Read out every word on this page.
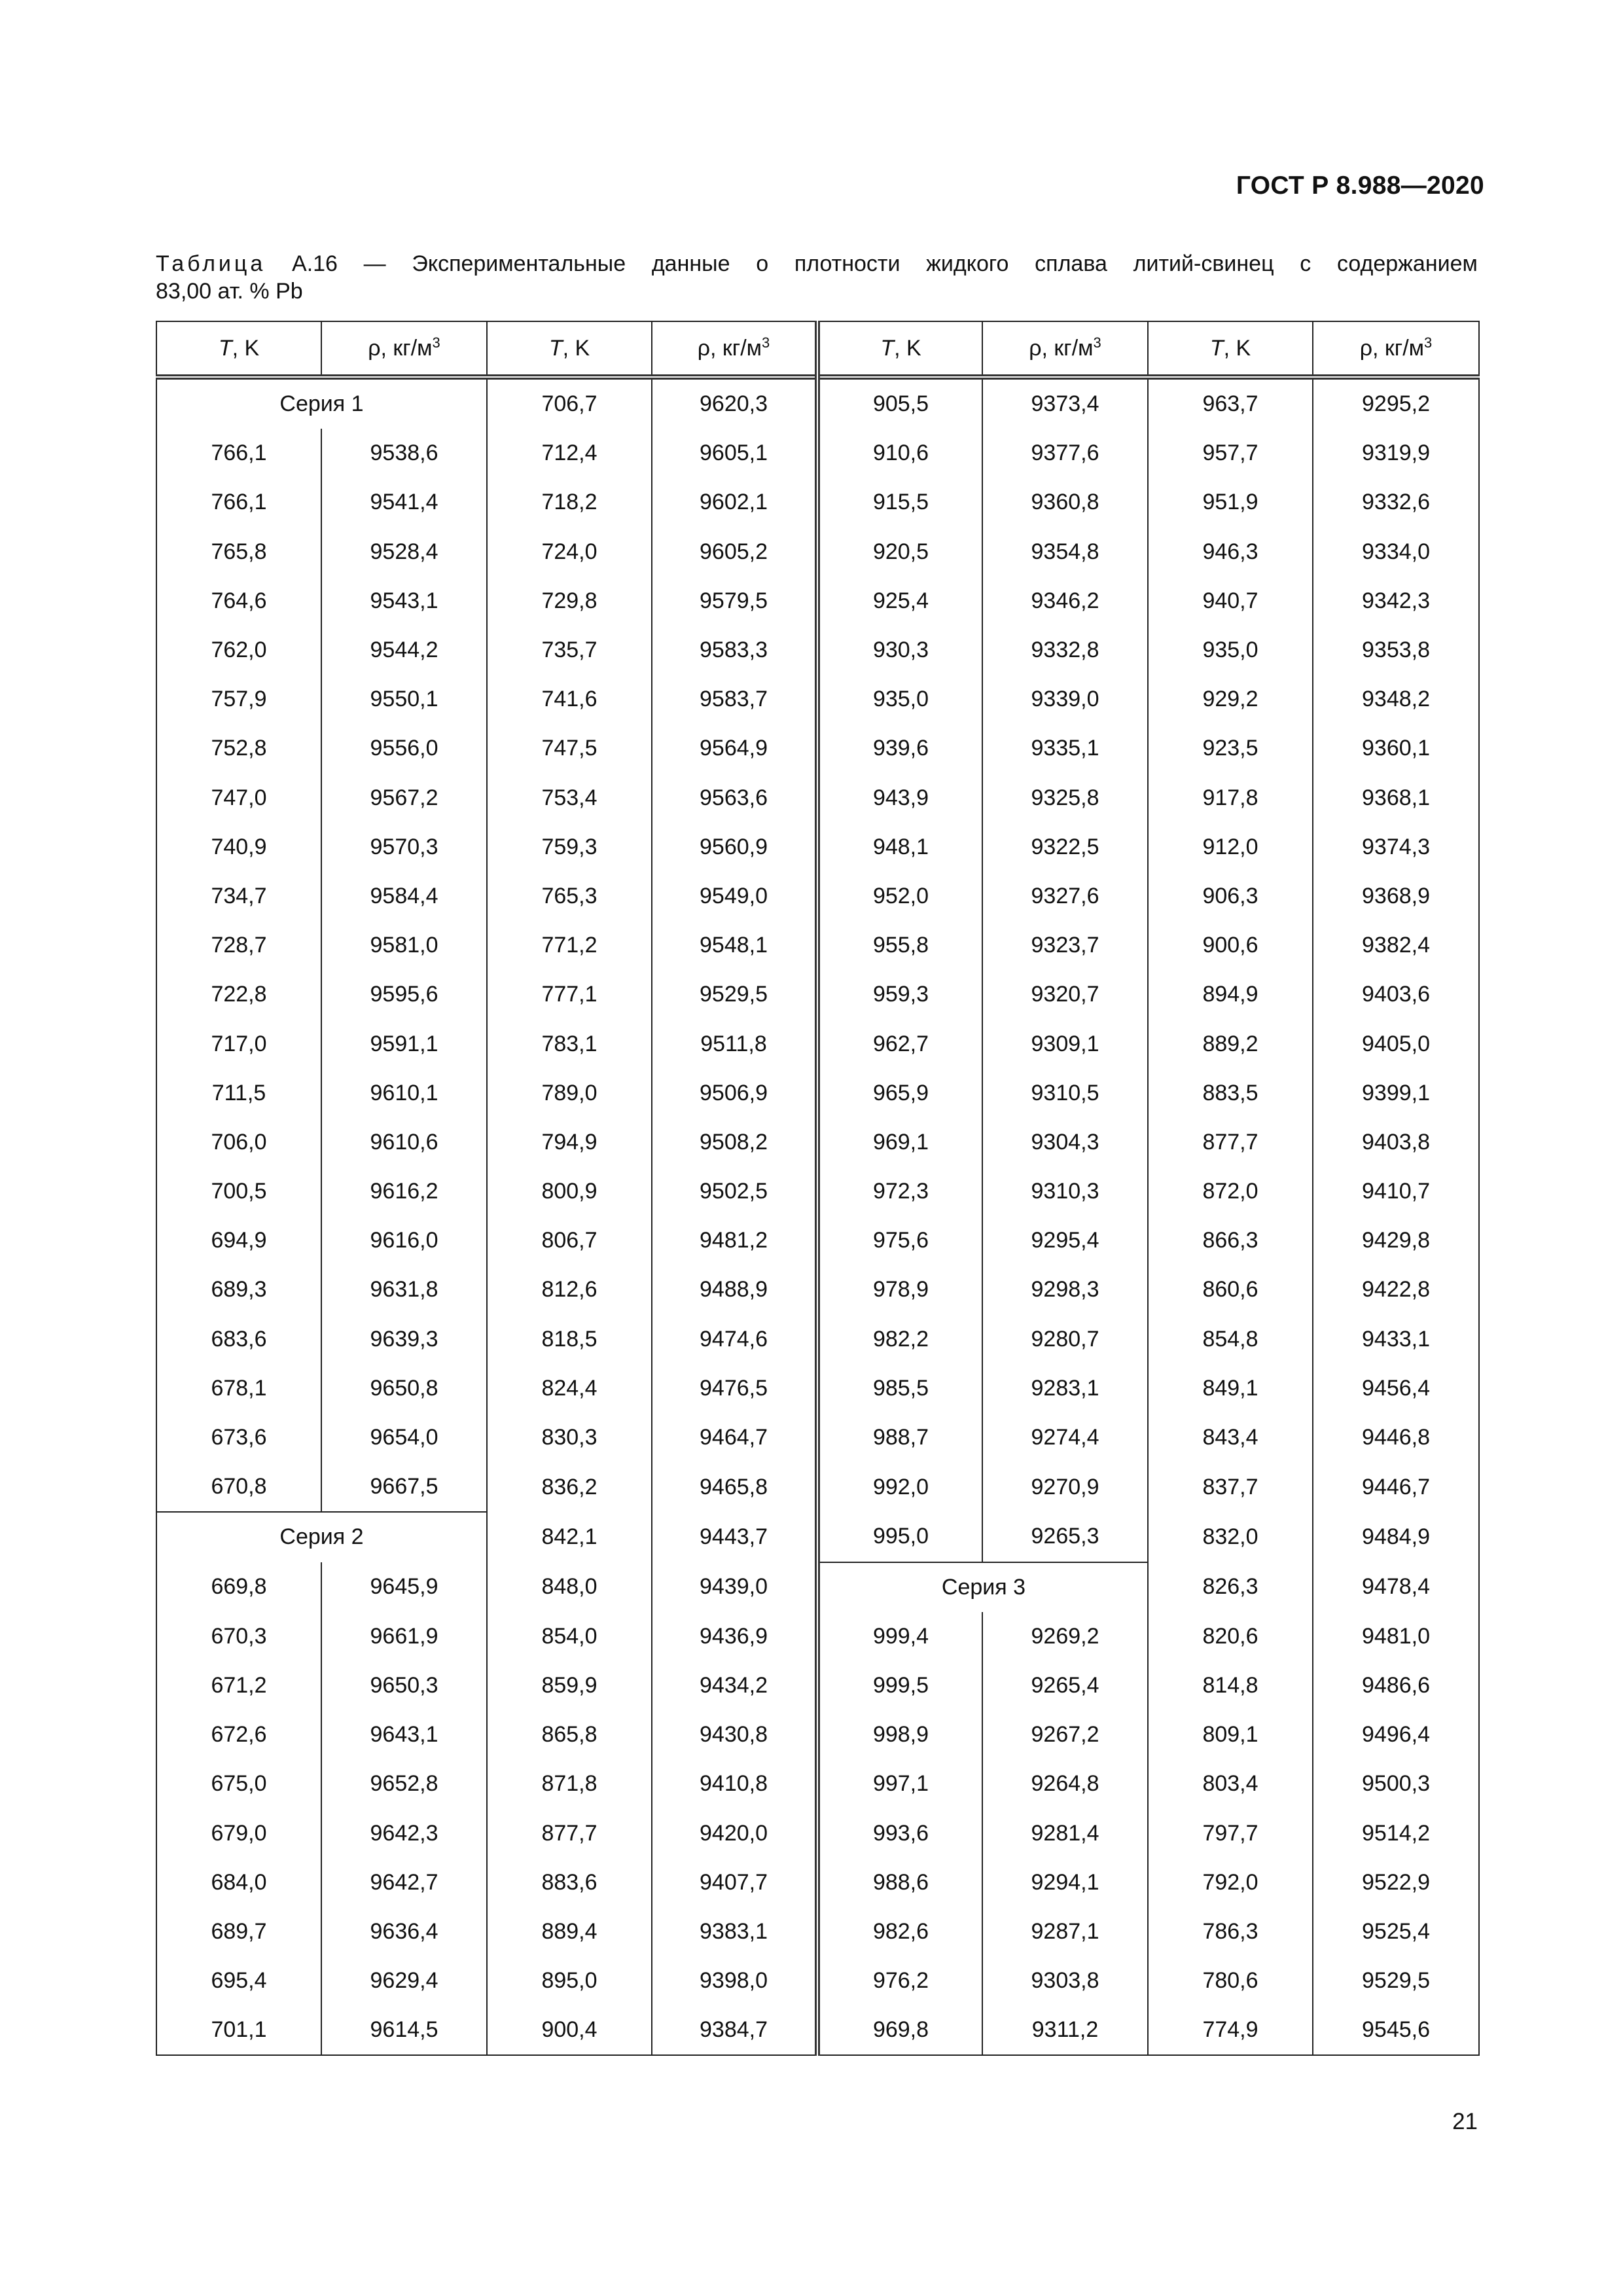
ГОСТ Р 8.988—2020
Таблица А.16 — Экспериментальные данные о плотности жидкого сплава литий-свинец с содержанием
83,00 ат. % Pb
T, K	ρ, $кг/м^3$	T, K	ρ, $кг/м^3$	T, K	ρ, $кг/м^3$	T, K	ρ, $кг/м^3$
Серия 1		706,7	9620,3	905,5	9373,4	963,7	9295,2
766,1	9538,6	712,4	9605,1	910,6	9377,6	957,7	9319,9
766,1	9541,4	718,2	9602,1	915,5	9360,8	951,9	9332,6
765,8	9528,4	724,0	9605,2	920,5	9354,8	946,3	9334,0
764,6	9543,1	729,8	9579,5	925,4	9346,2	940,7	9342,3
762,0	9544,2	735,7	9583,3	930,3	9332,8	935,0	9353,8
757,9	9550,1	741,6	9583,7	935,0	9339,0	929,2	9348,2
752,8	9556,0	747,5	9564,9	939,6	9335,1	923,5	9360,1
747,0	9567,2	753,4	9563,6	943,9	9325,8	917,8	9368,1
740,9	9570,3	759,3	9560,9	948,1	9322,5	912,0	9374,3
734,7	9584,4	765,3	9549,0	952,0	9327,6	906,3	9368,9
728,7	9581,0	771,2	9548,1	955,8	9323,7	900,6	9382,4
722,8	9595,6	777,1	9529,5	959,3	9320,7	894,9	9403,6
717,0	9591,1	783,1	9511,8	962,7	9309,1	889,2	9405,0
711,5	9610,1	789,0	9506,9	965,9	9310,5	883,5	9399,1
706,0	9610,6	794,9	9508,2	969,1	9304,3	877,7	9403,8
700,5	9616,2	800,9	9502,5	972,3	9310,3	872,0	9410,7
694,9	9616,0	806,7	9481,2	975,6	9295,4	866,3	9429,8
689,3	9631,8	812,6	9488,9	978,9	9298,3	860,6	9422,8
683,6	9639,3	818,5	9474,6	982,2	9280,7	854,8	9433,1
678,1	9650,8	824,4	9476,5	985,5	9283,1	849,1	9456,4
673,6	9654,0	830,3	9464,7	988,7	9274,4	843,4	9446,8
670,8	9667,5	836,2	9465,8	992,0	9270,9	837,7	9446,7
Серия 2		842,1	9443,7	995,0	9265,3	832,0	9484,9
669,8	9645,9	848,0	9439,0	Серия 3		826,3	9478,4
670,3	9661,9	854,0	9436,9	999,4	9269,2	820,6	9481,0
671,2	9650,3	859,9	9434,2	999,5	9265,4	814,8	9486,6
672,6	9643,1	865,8	9430,8	998,9	9267,2	809,1	9496,4
675,0	9652,8	871,8	9410,8	997,1	9264,8	803,4	9500,3
679,0	9642,3	877,7	9420,0	993,6	9281,4	797,7	9514,2
684,0	9642,7	883,6	9407,7	988,6	9294,1	792,0	9522,9
689,7	9636,4	889,4	9383,1	982,6	9287,1	786,3	9525,4
695,4	9629,4	895,0	9398,0	976,2	9303,8	780,6	9529,5
701,1	9614,5	900,4	9384,7	969,8	9311,2	774,9	9545,6
21
